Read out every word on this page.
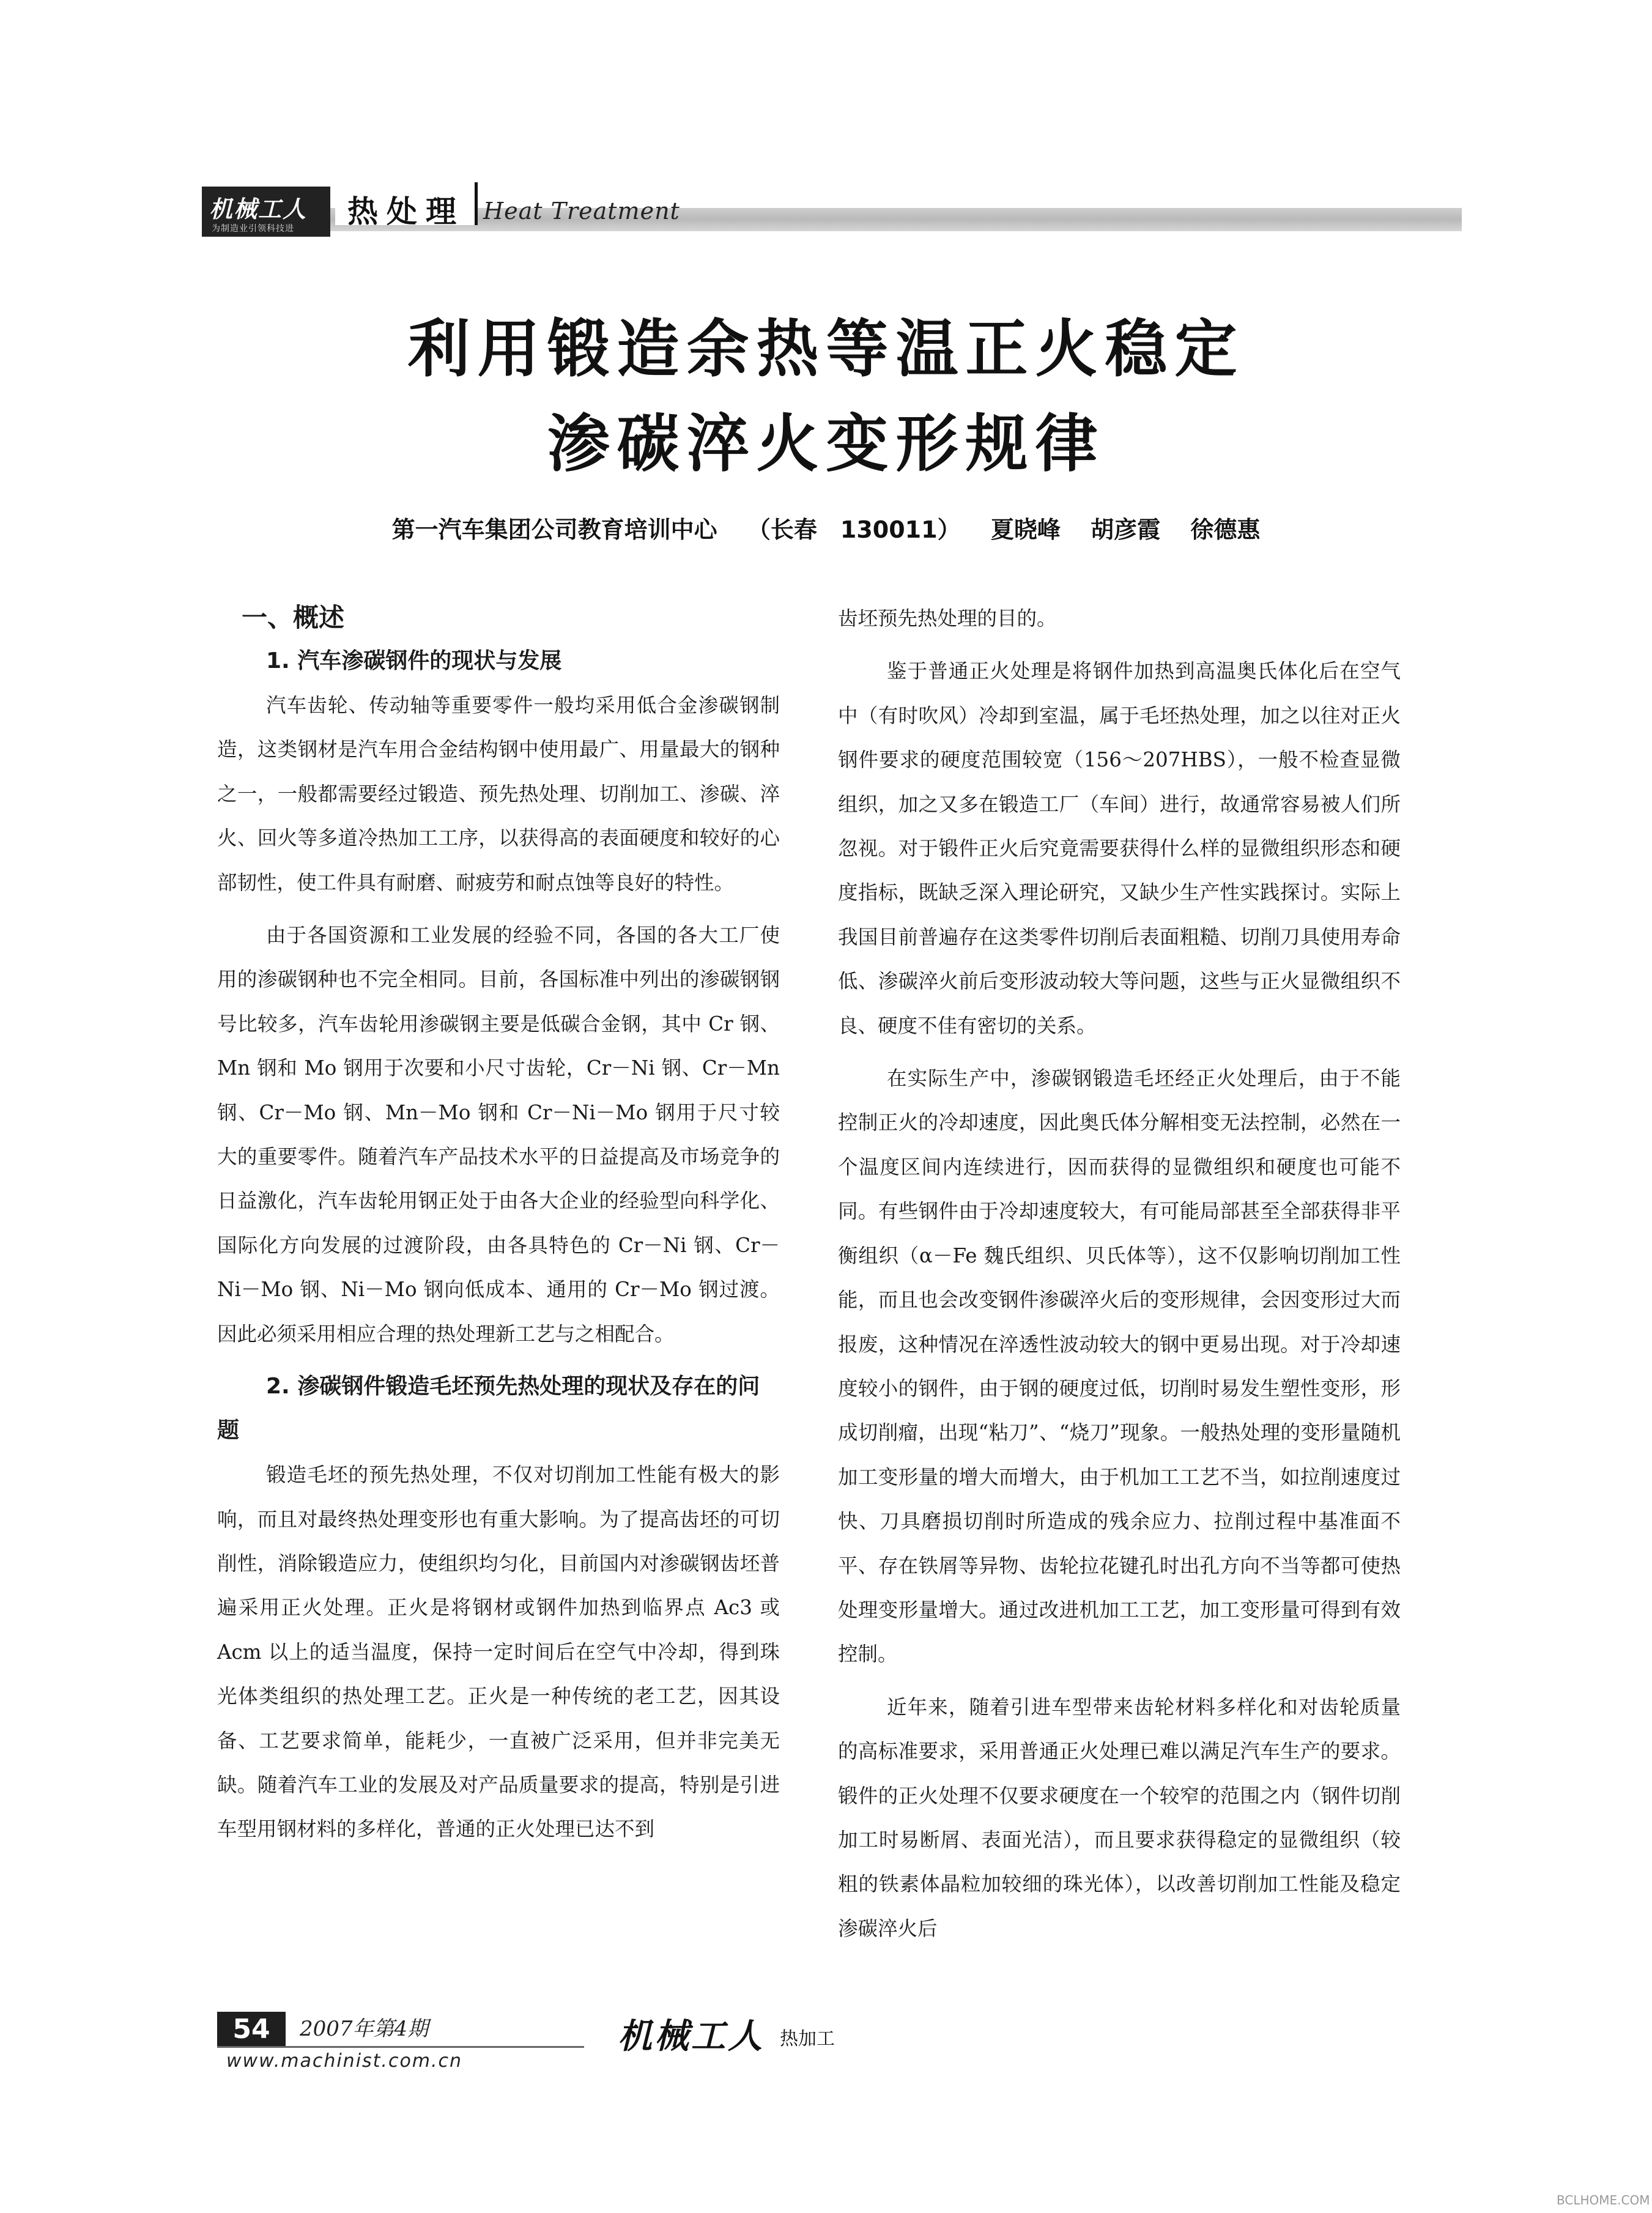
机械工人
为制造业引领科技进 热处理 Heat Treatment
利用锻造余热等温正火稳定
渗碳淬火变形规律
第一汽车集团公司教育培训中心 （长春　130011） 夏晓峰 胡彦霞 徐德惠
一、概述
1. 汽车渗碳钢件的现状与发展

汽车齿轮、传动轴等重要零件一般均采用低合金渗碳钢制造，这类钢材是汽车用合金结构钢中使用最广、用量最大的钢种之一，一般都需要经过锻造、预先热处理、切削加工、渗碳、淬火、回火等多道冷热加工工序，以获得高的表面硬度和较好的心部韧性，使工件具有耐磨、耐疲劳和耐点蚀等良好的特性。

由于各国资源和工业发展的经验不同，各国的各大工厂使用的渗碳钢种也不完全相同。目前，各国标准中列出的渗碳钢钢号比较多，汽车齿轮用渗碳钢主要是低碳合金钢，其中 Cr 钢、Mn 钢和 Mo 钢用于次要和小尺寸齿轮，Cr－Ni 钢、Cr－Mn 钢、Cr－Mo 钢、Mn－Mo 钢和 Cr－Ni－Mo 钢用于尺寸较大的重要零件。随着汽车产品技术水平的日益提高及市场竞争的日益激化，汽车齿轮用钢正处于由各大企业的经验型向科学化、国际化方向发展的过渡阶段，由各具特色的 Cr－Ni 钢、Cr－Ni－Mo 钢、Ni－Mo 钢向低成本、通用的 Cr－Mo 钢过渡。因此必须采用相应合理的热处理新工艺与之相配合。

2. 渗碳钢件锻造毛坯预先热处理的现状及存在的问题

锻造毛坯的预先热处理，不仅对切削加工性能有极大的影响，而且对最终热处理变形也有重大影响。为了提高齿坯的可切削性，消除锻造应力，使组织均匀化，目前国内对渗碳钢齿坯普遍采用正火处理。正火是将钢材或钢件加热到临界点 Ac3 或 Acm 以上的适当温度，保持一定时间后在空气中冷却，得到珠光体类组织的热处理工艺。正火是一种传统的老工艺，因其设备、工艺要求简单，能耗少，一直被广泛采用，但并非完美无缺。随着汽车工业的发展及对产品质量要求的提高，特别是引进车型用钢材料的多样化，普通的正火处理已达不到

齿坯预先热处理的目的。

鉴于普通正火处理是将钢件加热到高温奥氏体化后在空气中（有时吹风）冷却到室温，属于毛坯热处理，加之以往对正火钢件要求的硬度范围较宽（156～207HBS），一般不检查显微组织，加之又多在锻造工厂（车间）进行，故通常容易被人们所忽视。对于锻件正火后究竟需要获得什么样的显微组织形态和硬度指标，既缺乏深入理论研究，又缺少生产性实践探讨。实际上我国目前普遍存在这类零件切削后表面粗糙、切削刀具使用寿命低、渗碳淬火前后变形波动较大等问题，这些与正火显微组织不良、硬度不佳有密切的关系。

在实际生产中，渗碳钢锻造毛坯经正火处理后，由于不能控制正火的冷却速度，因此奥氏体分解相变无法控制，必然在一个温度区间内连续进行，因而获得的显微组织和硬度也可能不同。有些钢件由于冷却速度较大，有可能局部甚至全部获得非平衡组织（α－Fe 魏氏组织、贝氏体等），这不仅影响切削加工性能，而且也会改变钢件渗碳淬火后的变形规律，会因变形过大而报废，这种情况在淬透性波动较大的钢中更易出现。对于冷却速度较小的钢件，由于钢的硬度过低，切削时易发生塑性变形，形成切削瘤，出现“粘刀”、“烧刀”现象。一般热处理的变形量随机加工变形量的增大而增大，由于机加工工艺不当，如拉削速度过快、刀具磨损切削时所造成的残余应力、拉削过程中基准面不平、存在铁屑等异物、齿轮拉花键孔时出孔方向不当等都可使热处理变形量增大。通过改进机加工工艺，加工变形量可得到有效控制。

近年来，随着引进车型带来齿轮材料多样化和对齿轮质量的高标准要求，采用普通正火处理已难以满足汽车生产的要求。锻件的正火处理不仅要求硬度在一个较窄的范围之内（钢件切削加工时易断屑、表面光洁），而且要求获得稳定的显微组织（较粗的铁素体晶粒加较细的珠光体），以改善切削加工性能及稳定渗碳淬火后

54	2007年第4期
www.machinist.com.cn
机械工人 热加工
BCLHOME.COM
